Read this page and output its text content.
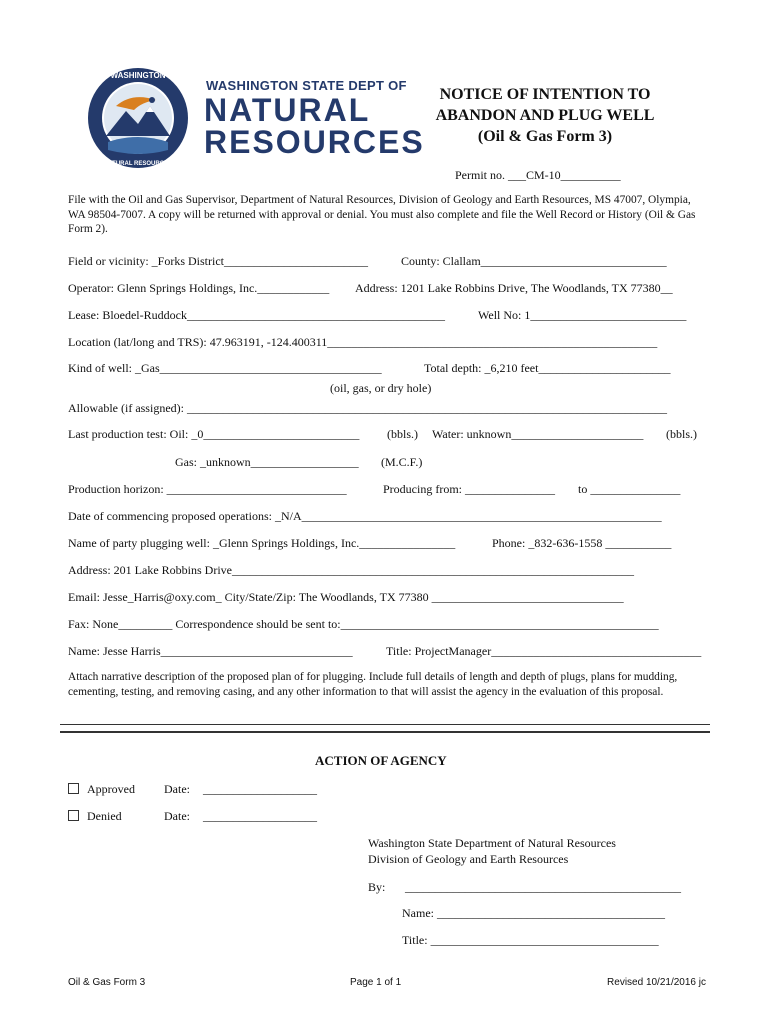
WASHINGTON
NATURAL RESOURCES
WASHINGTON STATE DEPT OF
NATURAL
RESOURCES
NOTICE OF INTENTION TO
ABANDON AND PLUG WELL
(Oil & Gas Form 3)
Permit no. ___CM-10__________
File with the Oil and Gas Supervisor, Department of Natural Resources, Division of Geology and Earth Resources, MS 47007, Olympia, WA 98504-7007. A copy will be returned with approval or denial. You must also complete and file the Well Record or History (Oil & Gas Form 2).
Field or vicinity: _Forks District________________________	County: Clallam_______________________________
Operator: Glenn Springs Holdings, Inc.____________ Address: 1201 Lake Robbins Drive, The Woodlands, TX 77380__
Lease: Bloedel-Ruddock___________________________________________	Well No: 1__________________________
Location (lat/long and TRS): 47.963191, -124.400311_______________________________________________________
Kind of well: _Gas_____________________________________	Total depth: _6,210 feet______________________
(oil, gas, or dry hole)
Allowable (if assigned): ________________________________________________________________________________
Last production test: Oil: _0__________________________ (bbls.) Water: unknown______________________ (bbls.)
Gas: _unknown__________________ (M.C.F.)
Production horizon: ______________________________	Producing from: _______________ to _______________
Date of commencing proposed operations: _N/A____________________________________________________________
Name of party plugging well: _Glenn Springs Holdings, Inc.________________	Phone: _832-636-1558 ___________
Address: 201 Lake Robbins Drive___________________________________________________________________
Email: Jesse_Harris@oxy.com_ City/State/Zip: The Woodlands, TX 77380 ________________________________
Fax: None_________ Correspondence should be sent to:_____________________________________________________
Name: Jesse Harris________________________________	Title: ProjectManager___________________________________
Attach narrative description of the proposed plan of for plugging. Include full details of length and depth of plugs, plans for mudding, cementing, testing, and removing casing, and any other information to that will assist the agency in the evaluation of this proposal.
ACTION OF AGENCY
Approved Date: ___________________
Denied	Date: ___________________
Washington State Department of Natural Resources
Division of Geology and Earth Resources
By: ______________________________________________
Name: ______________________________________
Title: ______________________________________
Oil & Gas Form 3	Page 1 of 1	Revised 10/21/2016 jc
